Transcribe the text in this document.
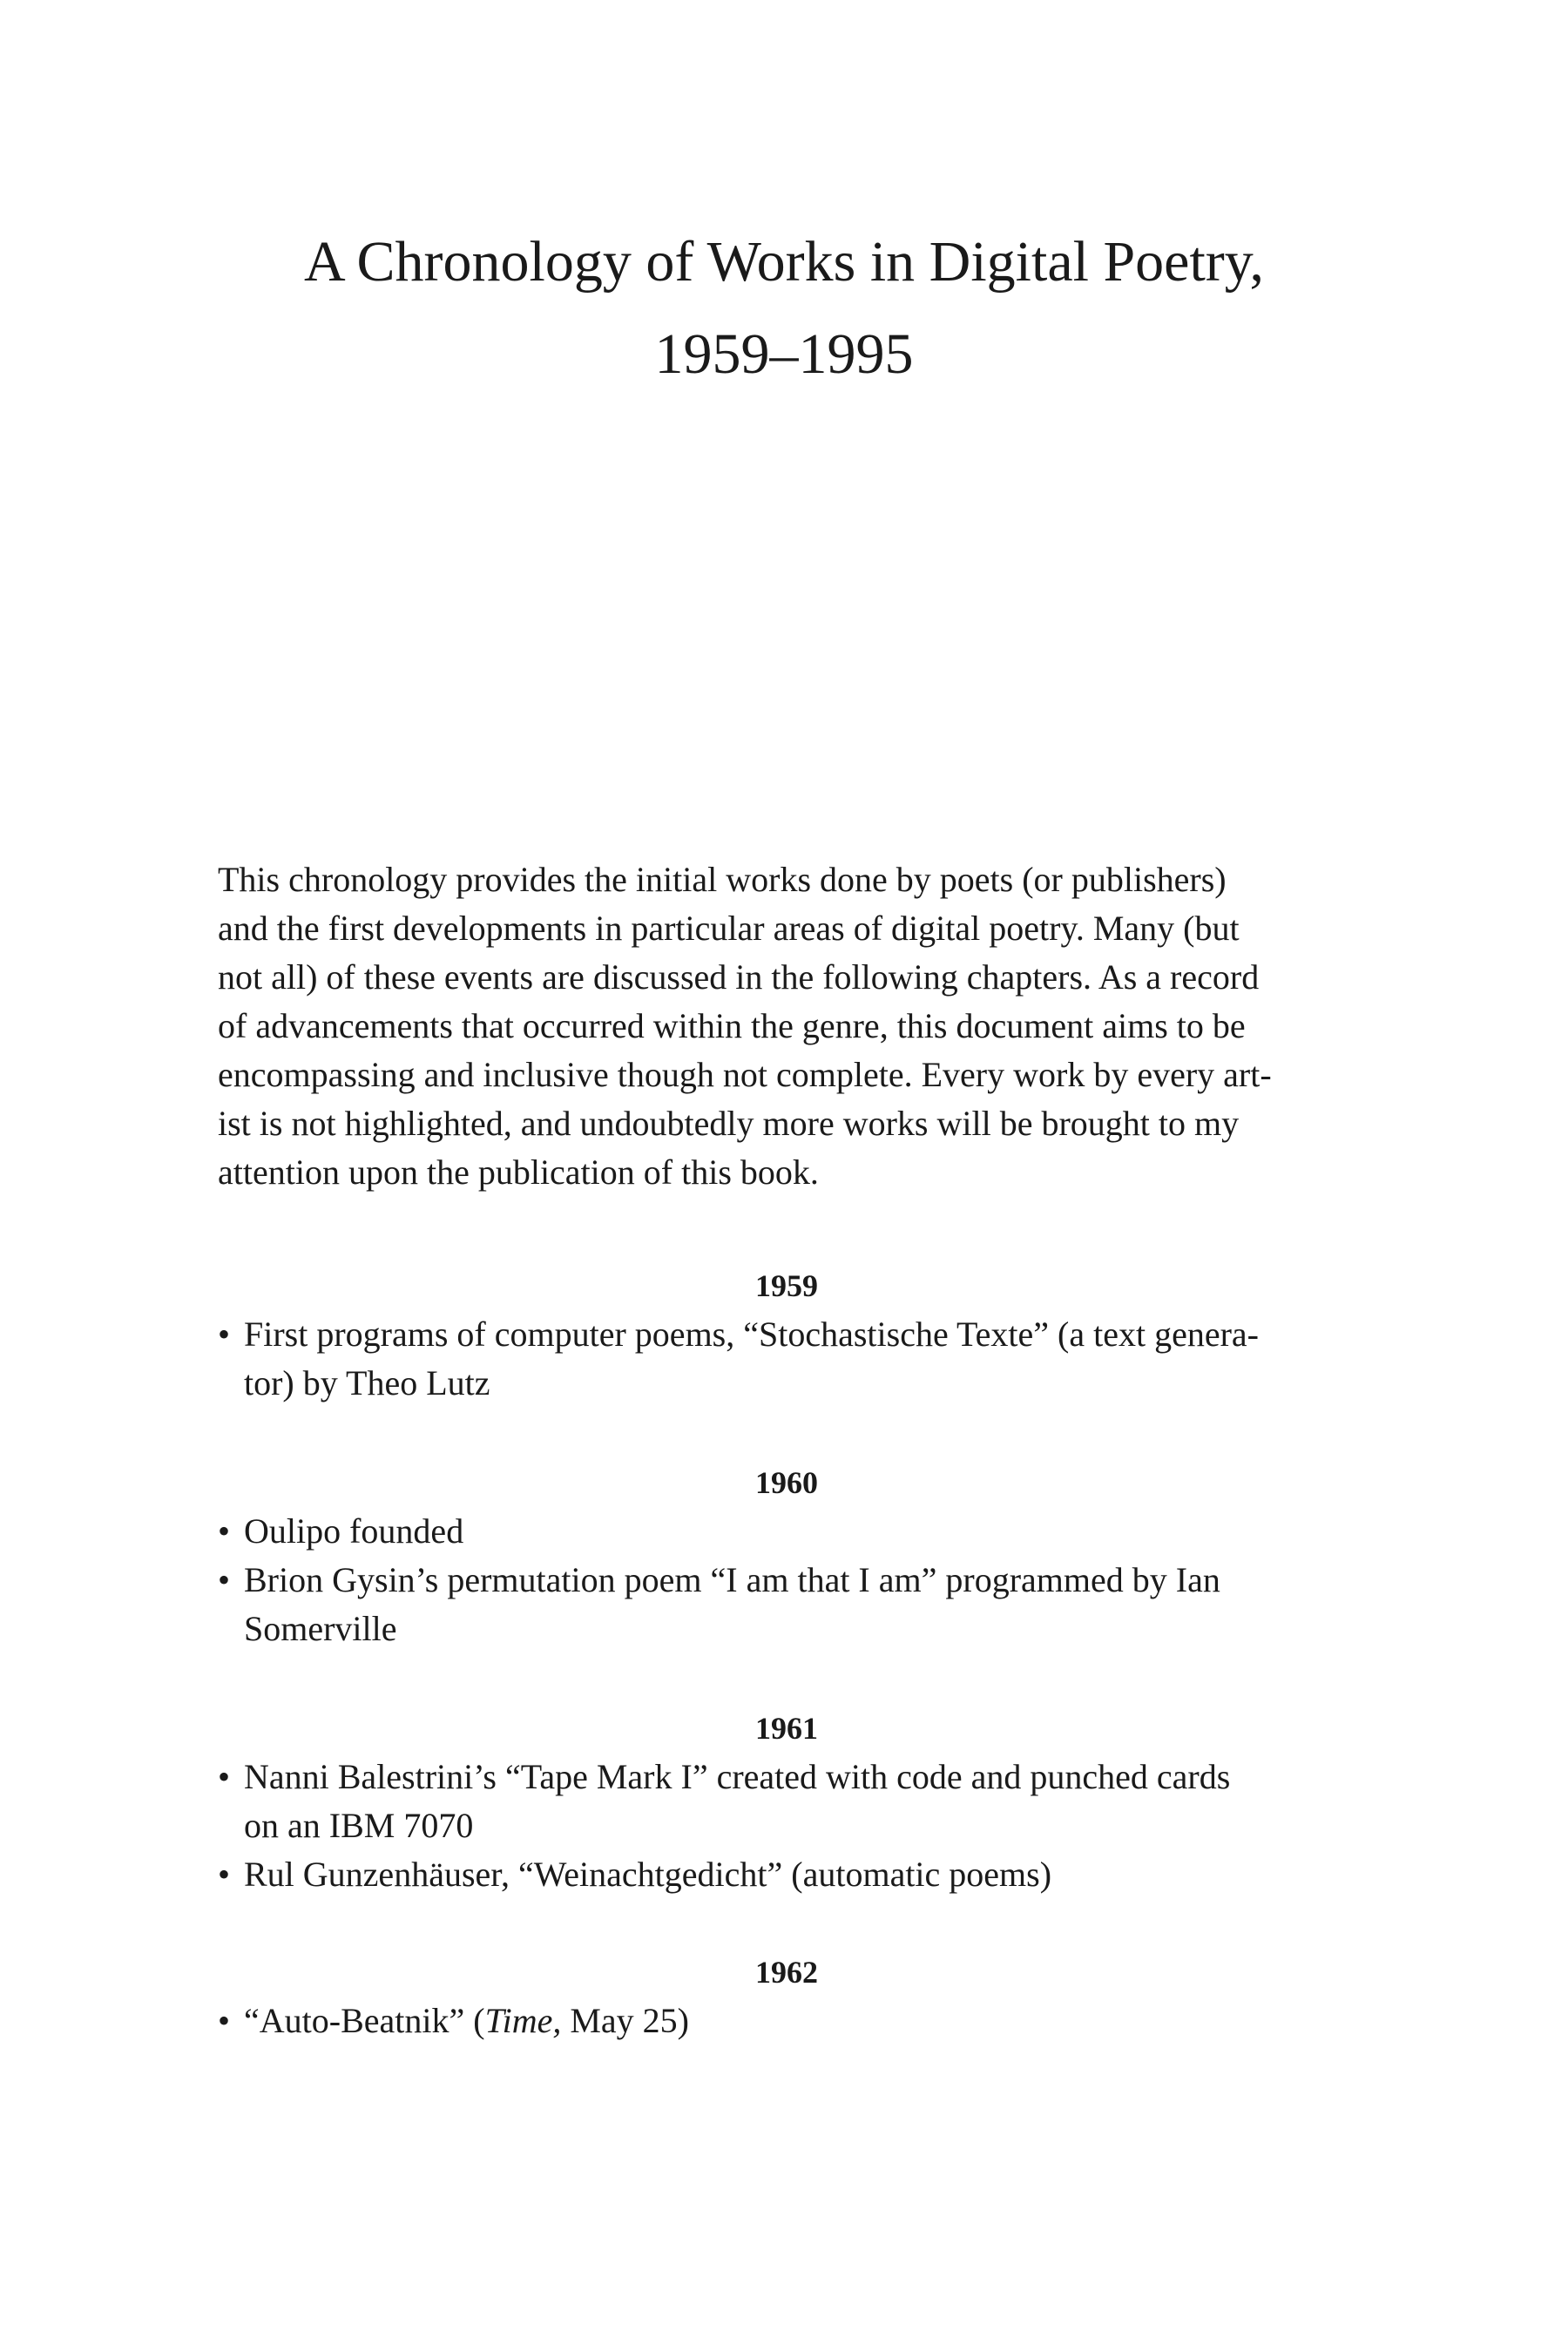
A Chronology of Works in Digital Poetry,
1959–1995

This chronology provides the initial works done by poets (or publishers)
and the first developments in particular areas of digital poetry. Many (but
not all) of these events are discussed in the following chapters. As a record
of advancements that occurred within the genre, this document aims to be
encompassing and inclusive though not complete. Every work by every art-
ist is not highlighted, and undoubtedly more works will be brought to my
attention upon the publication of this book.

1959
• First programs of computer poems, “Stochastische Texte” (a text genera-
tor) by Theo Lutz
1960
• Oulipo founded
• Brion Gysin’s permutation poem “I am that I am” programmed by Ian
Somerville
1961
• Nanni Balestrini’s “Tape Mark I” created with code and punched cards
on an IBM 7070
• Rul Gunzenhäuser, “Weinachtgedicht” (automatic poems)
1962
• “Auto-Beatnik” (Time, May 25)
